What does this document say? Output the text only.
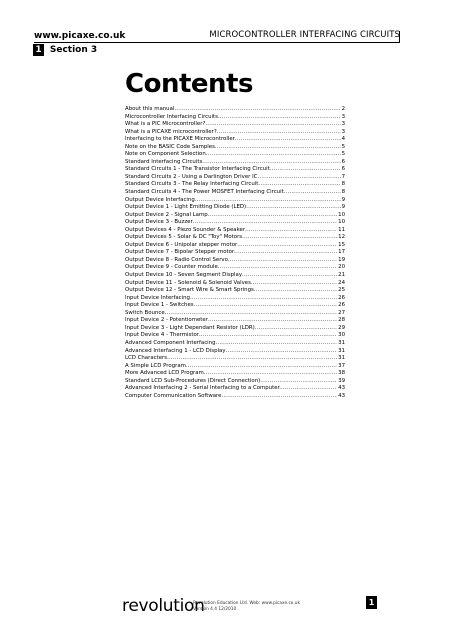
www.picaxe.co.uk	MICROCONTROLLER INTERFACING CIRCUITS
1 Section 3
Contents
About this manual .....	2
Microcontroller Interfacing Circuits .....	3
What is a PIC Microcontroller? .....	3
What is a PICAXE microcontroller? .....	3
Interfacing to the PICAXE Microcontroller .....	4
Note on the BASIC Code Samples .....	5
Note on Component Selection .....	5
Standard Interfacing Circuits .....	6
Standard Circuits 1 - The Transistor Interfacing Circuit .....	6
Standard Circuits 2 - Using a Darlington Driver IC .....	7
Standard Circuits 3 - The Relay Interfacing Circuit .....	8
Standard Circuits 4 - The Power MOSFET Interfacing Circuit .....	8
Output Device Interfacing .....	9
Output Device 1 - Light Emitting Diode (LED) .....	9
Output Device 2 - Signal Lamp .....	10
Output Device 3 - Buzzer .....	10
Output Devices 4 - Piezo Sounder & Speaker .....	11
Output Devices 5 - Solar & DC "Toy" Motors .....	12
Output Device 6 - Unipolar stepper motor .....	15
Output Device 7 - Bipolar Stepper motor .....	17
Output Device 8 - Radio Control Servo .....	19
Output Device 9 - Counter module .....	20
Output Device 10 - Seven Segment Display .....	21
Output Device 11 - Solenoid & Solenoid Valves .....	24
Output Device 12 - Smart Wire & Smart Springs .....	25
Input Device Interfacing .....	26
Input Device 1 - Switches .....	26
Switch Bounce .....	27
Input Device 2 - Potentiometer .....	28
Input Device 3 - Light Dependant Resistor (LDR) .....	29
Input Device 4 - Thermistor .....	30
Advanced Component Interfacing .....	31
Advanced Interfacing 1 - LCD Display .....	31
LCD Characters .....	31
A Simple LCD Program .....	37
More Advanced LCD Program .....	38
Standard LCD Sub-Procedures (Direct Connection) .....	39
Advanced Interfacing 2 - Serial Interfacing to a Computer. .....	43
Computer Communication Software .....	43
revolution
Revolution Education Ltd. Web: www.picaxe.co.uk
Version 4.4 12/2010
1
